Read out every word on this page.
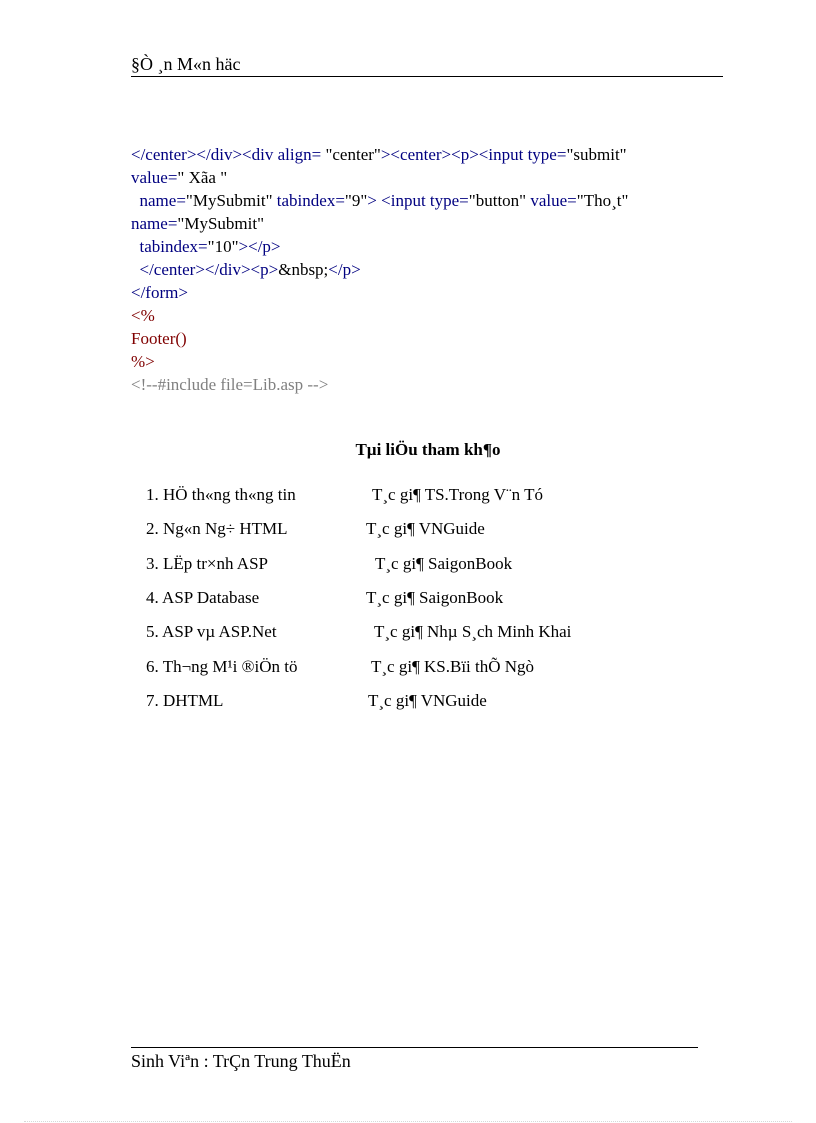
§Ò ¸n M«n häc
</center></div><div align= "center"><center><p><input type="submit"
value=" Xãa "
name="MySubmit" tabindex="9"> <input type="button" value="Tho¸t"
name="MySubmit"
tabindex="10"></p>
</center></div><p>&nbsp;</p>
</form>
<%
Footer()
%>
<!--#include file=Lib.asp -->
Tµi liÖu tham kh¶o
1. HÖ th«ng th«ng tin	T¸c gi¶ TS.Trong V¨n Tó
2. Ng«n Ng÷ HTML	T¸c gi¶ VNGuide
3. LËp tr×nh ASP	T¸c gi¶ SaigonBook
4. ASP Database	T¸c gi¶ SaigonBook
5. ASP vµ ASP.Net	T¸c gi¶ Nhµ S¸ch Minh Khai
6. Th¬ng M¹i ®iÖn tö	T¸c gi¶ KS.Bïi thÕ Ngò
7. DHTML	T¸c gi¶ VNGuide
Sinh Viªn : TrÇn Trung ThuËn
